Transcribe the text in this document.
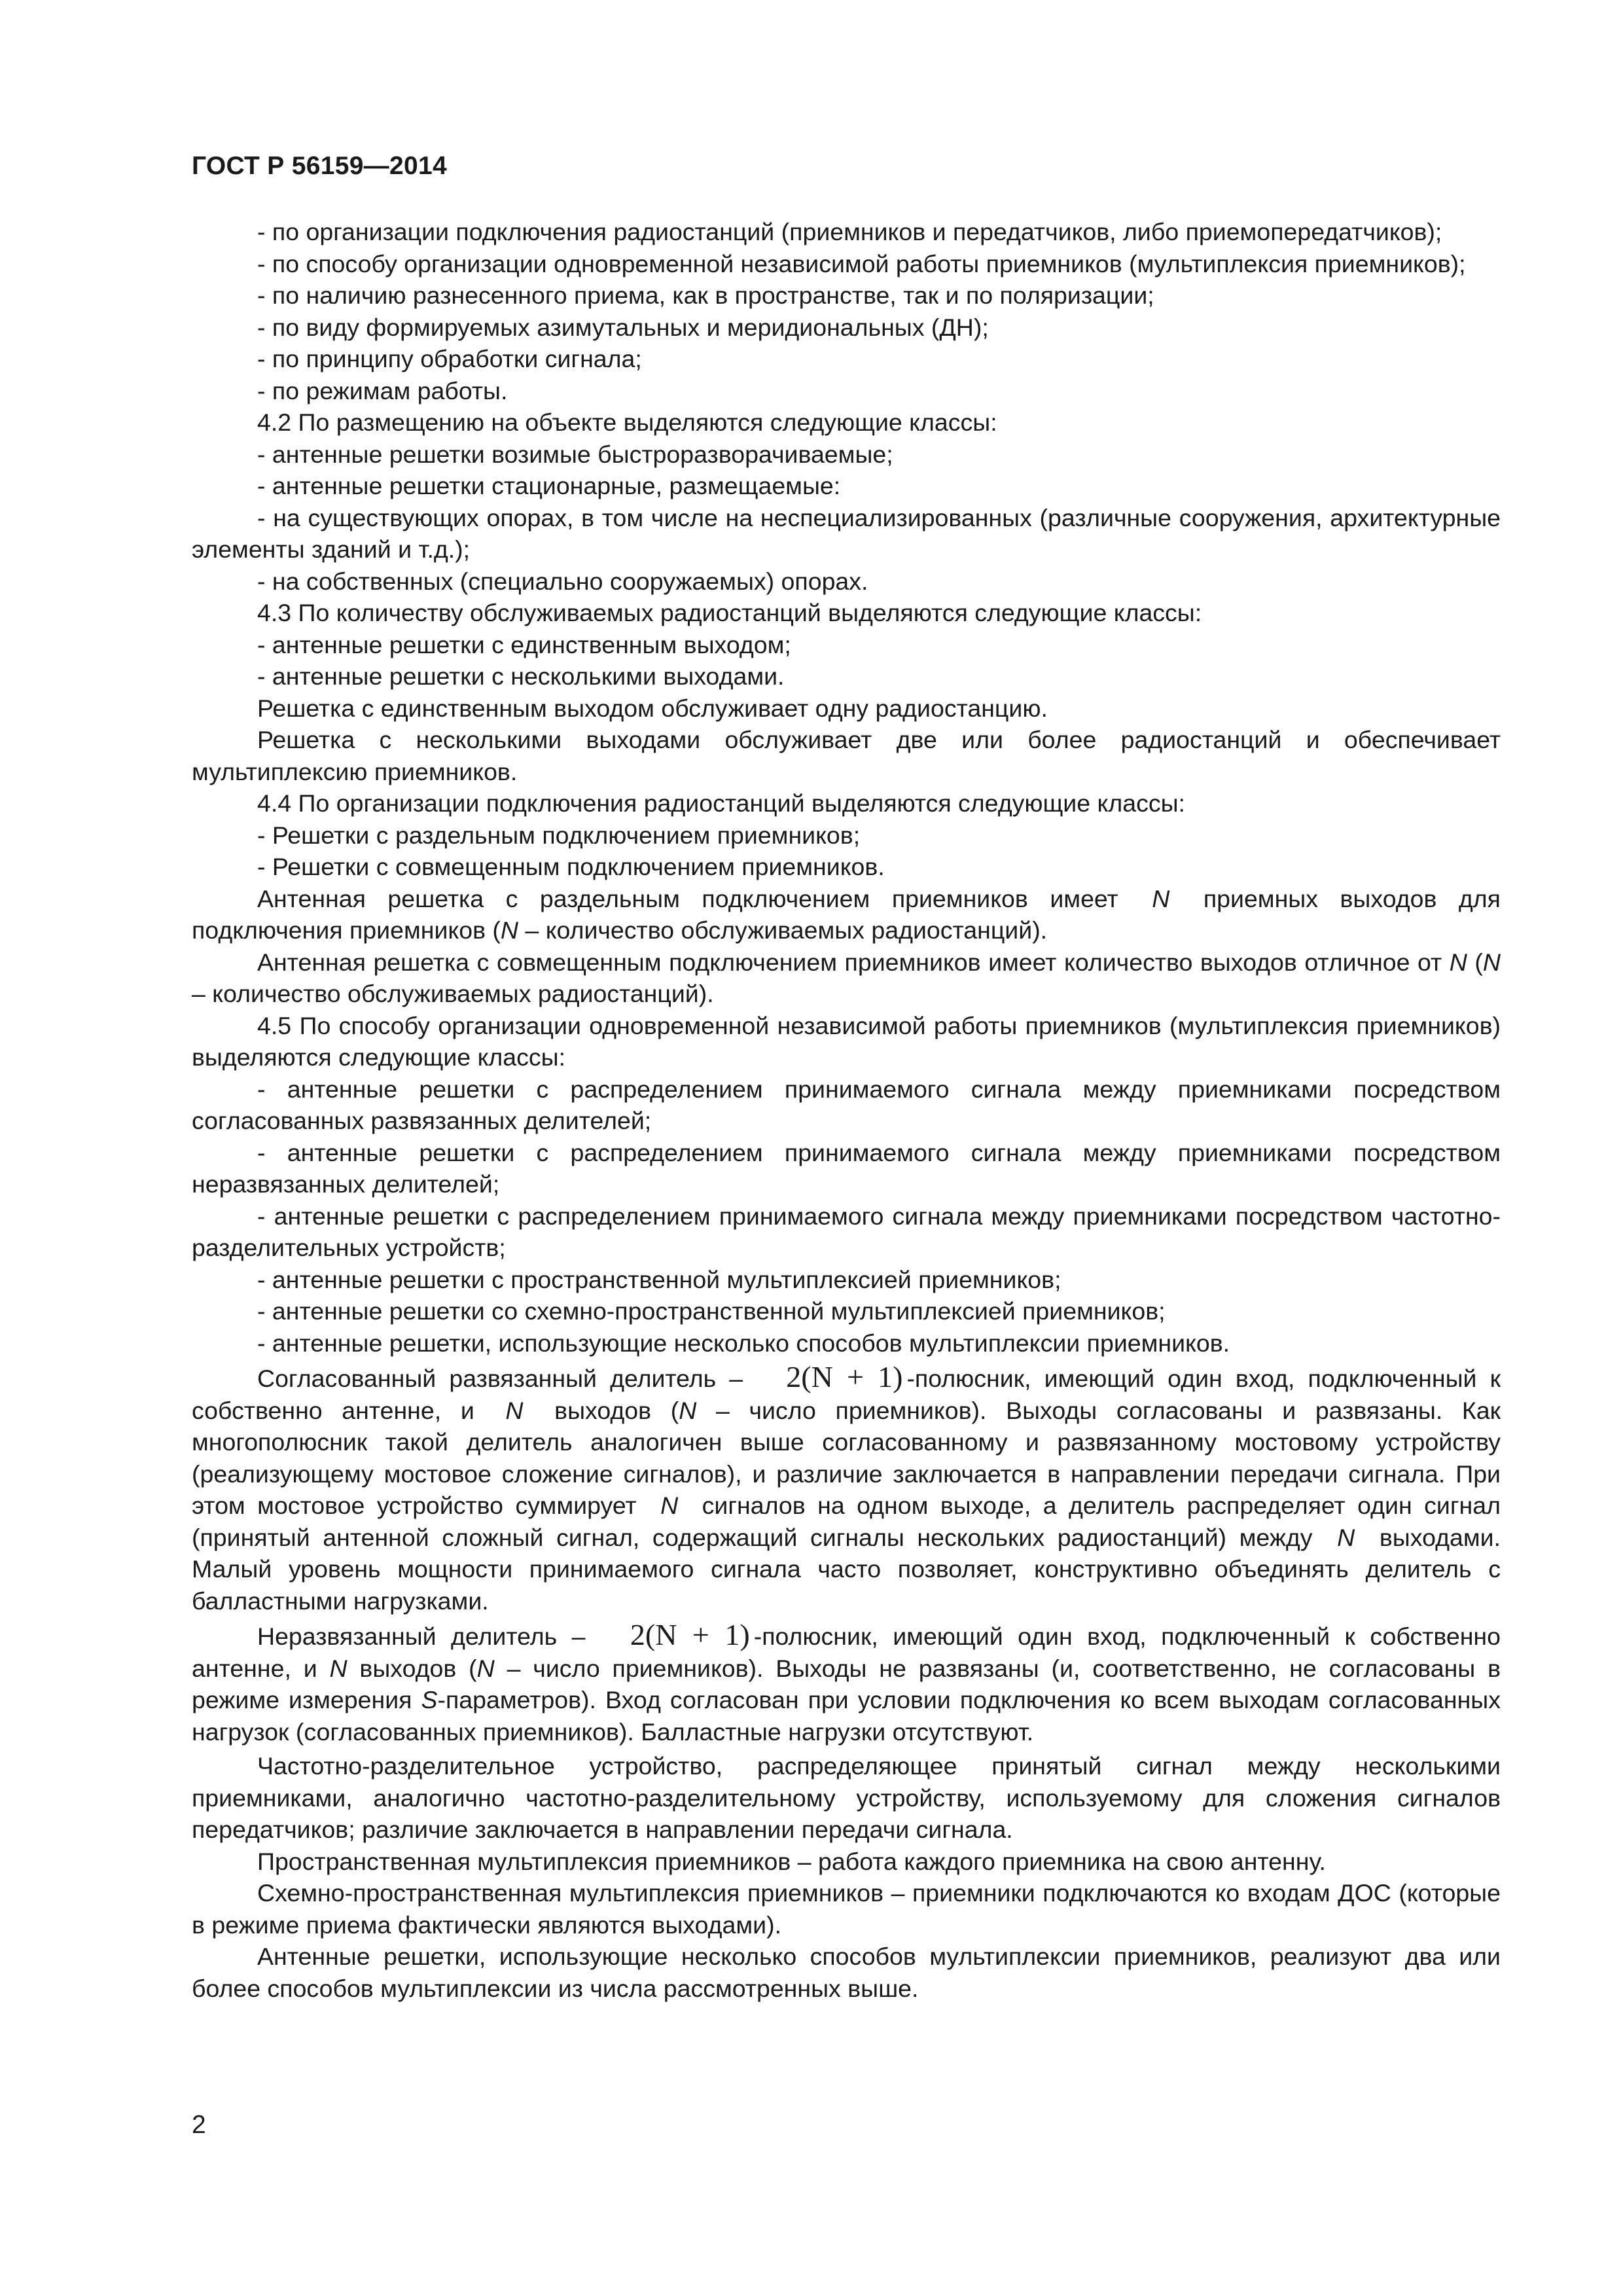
ГОСТ Р 56159—2014

- по организации подключения радиостанций (приемников и передатчиков, либо приемопередатчиков);

- по способу организации одновременной независимой работы приемников (мультиплексия приемников);

- по наличию разнесенного приема, как в пространстве, так и по поляризации;

- по виду формируемых азимутальных и меридиональных (ДН);

- по принципу обработки сигнала;

- по режимам работы.

4.2 По размещению на объекте выделяются следующие классы:

- антенные решетки возимые быстроразворачиваемые;

- антенные решетки стационарные, размещаемые:

- на существующих опорах, в том числе на неспециализированных (различные сооружения, архитектурные элементы зданий и т.д.);

- на собственных (специально сооружаемых) опорах.

4.3 По количеству обслуживаемых радиостанций выделяются следующие классы:

- антенные решетки с единственным выходом;

- антенные решетки с несколькими выходами.

Решетка с единственным выходом обслуживает одну радиостанцию.

Решетка с несколькими выходами обслуживает две или более радиостанций и обеспечивает мультиплексию приемников.

4.4 По организации подключения радиостанций выделяются следующие классы:

- Решетки с раздельным подключением приемников;

- Решетки с совмещенным подключением приемников.

Антенная решетка с раздельным подключением приемников имеет N приемных выходов для подключения приемников (N – количество обслуживаемых радиостанций).

Антенная решетка с совмещенным подключением приемников имеет количество выходов отличное от N (N – количество обслуживаемых радиостанций).

4.5 По способу организации одновременной независимой работы приемников (мультиплексия приемников) выделяются следующие классы:

- антенные решетки с распределением принимаемого сигнала между приемниками посредством согласованных развязанных делителей;

- антенные решетки с распределением принимаемого сигнала между приемниками посредством неразвязанных делителей;

- антенные решетки с распределением принимаемого сигнала между приемниками посредством частотно-разделительных устройств;

- антенные решетки с пространственной мультиплексией приемников;

- антенные решетки со схемно-пространственной мультиплексией приемников;

- антенные решетки, использующие несколько способов мультиплексии приемников.

Согласованный развязанный делитель – 2(N + 1) -полюсник, имеющий один вход, подключенный к собственно антенне, и N выходов (N – число приемников). Выходы согласованы и развязаны. Как многополюсник такой делитель аналогичен выше согласованному и развязанному мостовому устройству (реализующему мостовое сложение сигналов), и различие заключается в направлении передачи сигнала. При этом мостовое устройство суммирует N сигналов на одном выходе, а делитель распределяет один сигнал (принятый антенной сложный сигнал, содержащий сигналы нескольких радиостанций) между N выходами. Малый уровень мощности принимаемого сигнала часто позволяет, конструктивно объединять делитель с балластными нагрузками.

Неразвязанный делитель – 2(N + 1) -полюсник, имеющий один вход, подключенный к собственно антенне, и N выходов (N – число приемников). Выходы не развязаны (и, соответственно, не согласованы в режиме измерения S-параметров). Вход согласован при условии подключения ко всем выходам согласованных нагрузок (согласованных приемников). Балластные нагрузки отсутствуют.

Частотно-разделительное устройство, распределяющее принятый сигнал между несколькими приемниками, аналогично частотно-разделительному устройству, используемому для сложения сигналов передатчиков; различие заключается в направлении передачи сигнала.

Пространственная мультиплексия приемников – работа каждого приемника на свою антенну.

Схемно-пространственная мультиплексия приемников – приемники подключаются ко входам ДОС (которые в режиме приема фактически являются выходами).

Антенные решетки, использующие несколько способов мультиплексии приемников, реализуют два или более способов мультиплексии из числа рассмотренных выше.

2
